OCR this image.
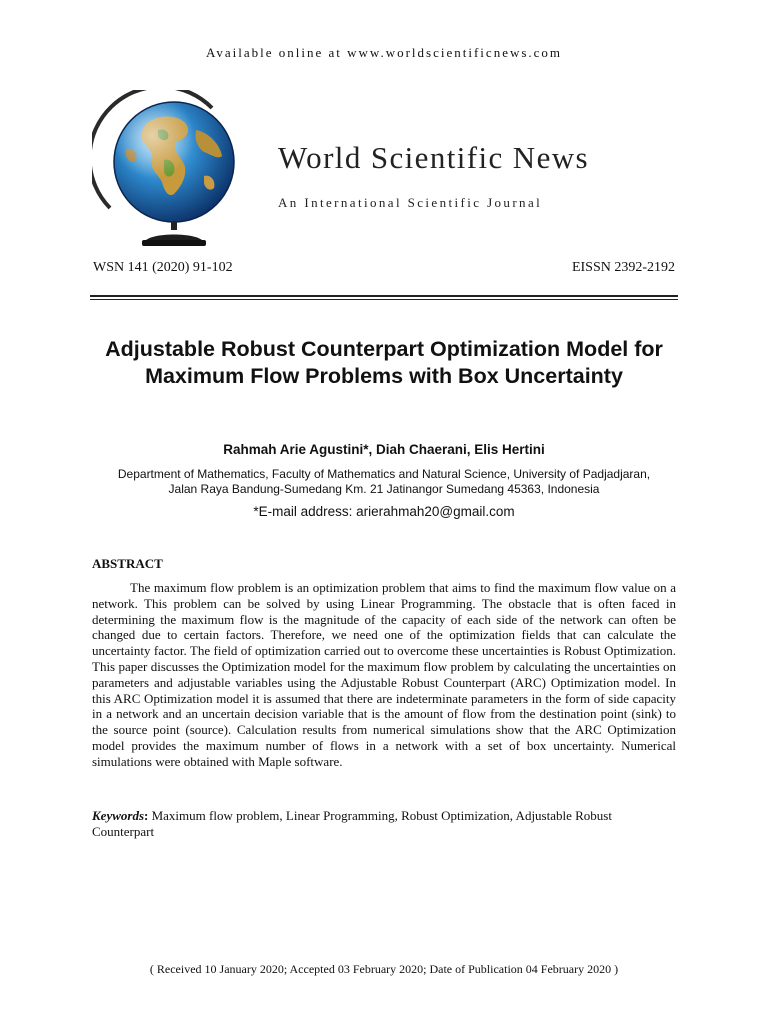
Available online at www.worldscientificnews.com
World Scientific News
An International Scientific Journal
WSN 141 (2020) 91-102	EISSN 2392-2192
Adjustable Robust Counterpart Optimization Model for Maximum Flow Problems with Box Uncertainty
Rahmah Arie Agustini*, Diah Chaerani, Elis Hertini
Department of Mathematics, Faculty of Mathematics and Natural Science, University of Padjadjaran,
Jalan Raya Bandung-Sumedang Km. 21 Jatinangor Sumedang 45363, Indonesia
*E-mail address: arierahmah20@gmail.com
ABSTRACT

The maximum flow problem is an optimization problem that aims to find the maximum flow value on a network. This problem can be solved by using Linear Programming. The obstacle that is often faced in determining the maximum flow is the magnitude of the capacity of each side of the network can often be changed due to certain factors. Therefore, we need one of the optimization fields that can calculate the uncertainty factor. The field of optimization carried out to overcome these uncertainties is Robust Optimization. This paper discusses the Optimization model for the maximum flow problem by calculating the uncertainties on parameters and adjustable variables using the Adjustable Robust Counterpart (ARC) Optimization model. In this ARC Optimization model it is assumed that there are indeterminate parameters in the form of side capacity in a network and an uncertain decision variable that is the amount of flow from the destination point (sink) to the source point (source). Calculation results from numerical simulations show that the ARC Optimization model provides the maximum number of flows in a network with a set of box uncertainty. Numerical simulations were obtained with Maple software.

Keywords: Maximum flow problem, Linear Programming, Robust Optimization, Adjustable Robust Counterpart

( Received 10 January 2020; Accepted 03 February 2020; Date of Publication 04 February 2020 )
